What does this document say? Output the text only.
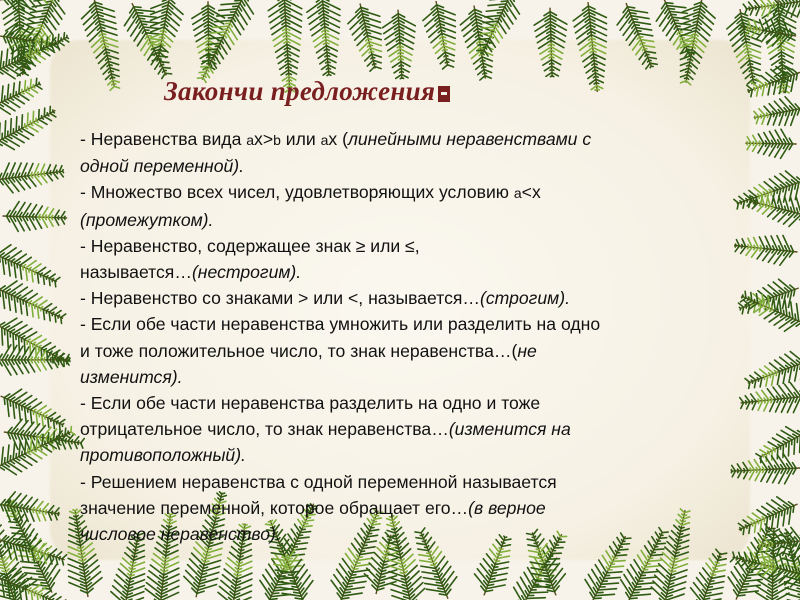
Закончи предложения
- Неравенства вида ax>b или ax (линейными неравенствами с
одной переменной).
- Множество всех чисел, удовлетворяющих условию a<x
(промежутком).
- Неравенство, содержащее знак ≥ или ≤,
называется…(нестрогим).
- Неравенство со знаками > или <, называется…(строгим).
- Если обе части неравенства умножить или разделить на одно
и тоже положительное число, то знак неравенства…(не
изменится).
- Если обе части неравенства разделить на одно и тоже
отрицательное число, то знак неравенства…(изменится на
противоположный).
- Решением неравенства с одной переменной называется
значение переменной, которое обращает его…(в верное
числовое неравенство).
